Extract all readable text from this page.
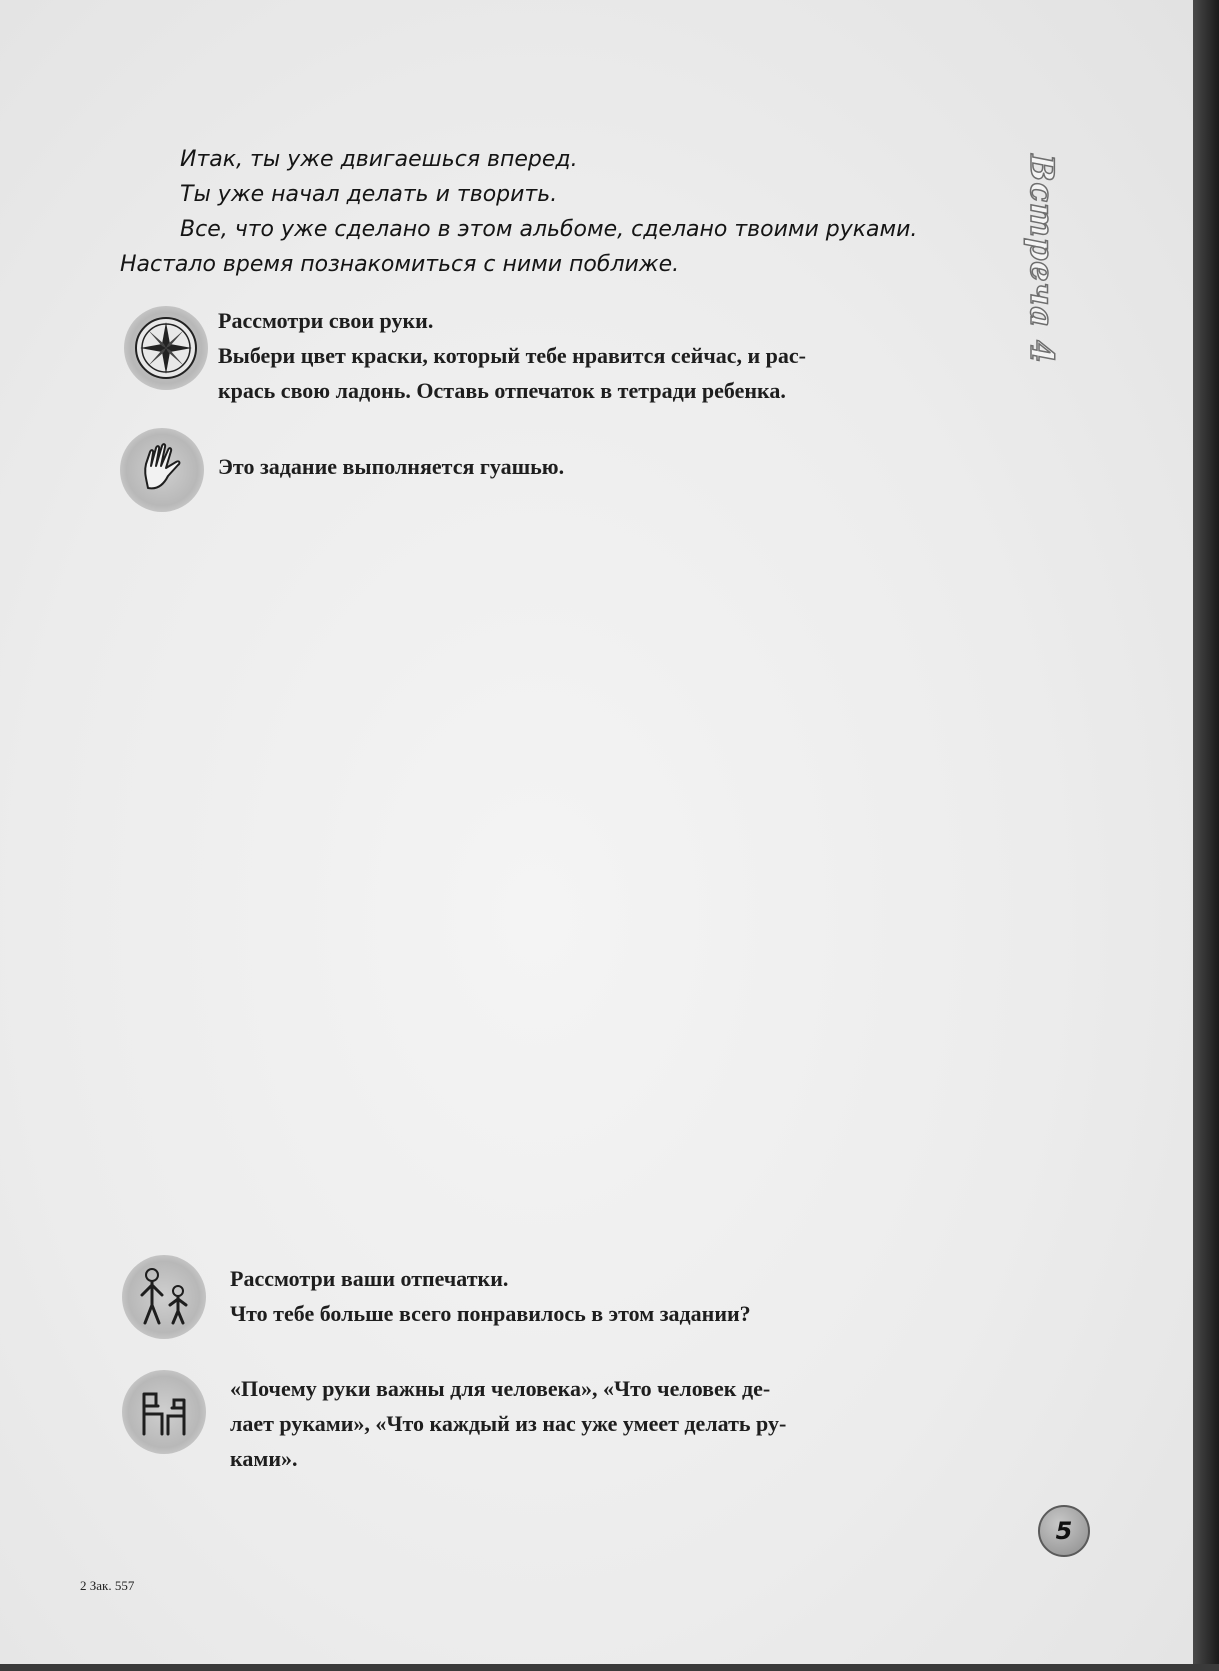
Итак, ты уже двигаешься вперед.

Ты уже начал делать и творить.

Все, что уже сделано в этом альбоме, сделано твоими руками.

Настало время познакомиться с ними поближе.	Встреча 4

Рассмотри свои руки.

Выбери цвет краски, который тебе нравится сейчас, и рас-

крась свою ладонь. Оставь отпечаток в тетради ребенка.

Это задание выполняется гуашью.

Рассмотри ваши отпечатки.

Что тебе больше всего понравилось в этом задании?

«Почему руки важны для человека», «Что человек де-

лает руками», «Что каждый из нас уже умеет делать ру-

ками».

5
2 Зак. 557
